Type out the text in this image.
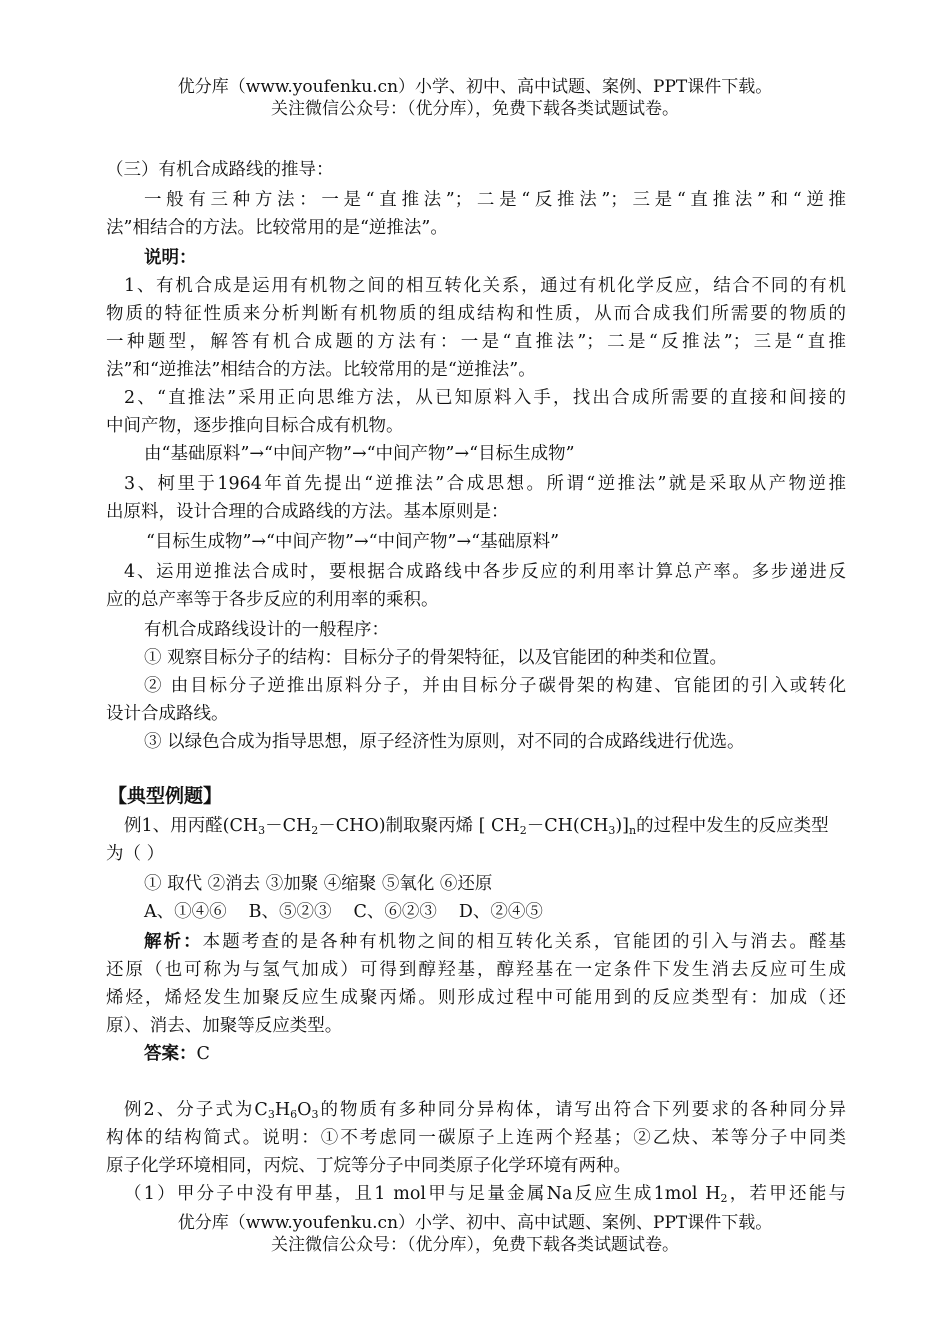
优分库（www.youfenku.cn）小学、初中、高中试题、案例、PPT课件下载。
关注微信公众号：（优分库），免费下载各类试题试卷。
（三）有机合成路线的推导：
一般有三种方法：一是“直推法”；二是“反推法”；三是“直推法”和“逆推
法”相结合的方法。比较常用的是“逆推法”。
说明：
1、有机合成是运用有机物之间的相互转化关系，通过有机化学反应，结合不同的有机
物质的特征性质来分析判断有机物质的组成结构和性质，从而合成我们所需要的物质的
一种题型，解答有机合成题的方法有：一是“直推法”；二是“反推法”；三是“直推
法”和“逆推法”相结合的方法。比较常用的是“逆推法”。
2、“直推法”采用正向思维方法，从已知原料入手，找出合成所需要的直接和间接的
中间产物，逐步推向目标合成有机物。
由“基础原料”→“中间产物”→“中间产物”→“目标生成物”
3、柯里于1964年首先提出“逆推法”合成思想。所谓“逆推法”就是采取从产物逆推
出原料，设计合理的合成路线的方法。基本原则是：
“目标生成物”→“中间产物”→“中间产物”→“基础原料”
4、运用逆推法合成时，要根据合成路线中各步反应的利用率计算总产率。多步递进反
应的总产率等于各步反应的利用率的乘积。
有机合成路线设计的一般程序：
① 观察目标分子的结构：目标分子的骨架特征，以及官能团的种类和位置。
② 由目标分子逆推出原料分子，并由目标分子碳骨架的构建、官能团的引入或转化
设计合成路线。
③ 以绿色合成为指导思想，原子经济性为原则，对不同的合成路线进行优选。
【典型例题】
例1、用丙醛$(CH_3-CH_2-CHO)$制取聚丙烯 [ $CH_2-CH(CH_3)]_n$的过程中发生的反应类型
为（ ）
① 取代 ②消去 ③加聚 ④缩聚 ⑤氧化 ⑥还原
A、①④⑥ B、⑤②③ C、⑥②③ D、②④⑤
解析：本题考查的是各种有机物之间的相互转化关系，官能团的引入与消去。醛基
还原（也可称为与氢气加成）可得到醇羟基，醇羟基在一定条件下发生消去反应可生成
烯烃，烯烃发生加聚反应生成聚丙烯。则形成过程中可能用到的反应类型有：加成（还
原）、消去、加聚等反应类型。
答案：C
例2、分子式为$C_3H_6O_3$的物质有多种同分异构体，请写出符合下列要求的各种同分异
构体的结构简式。说明：①不考虑同一碳原子上连两个羟基；②乙炔、苯等分子中同类
原子化学环境相同，丙烷、丁烷等分子中同类原子化学环境有两种。
（1）甲分子中没有甲基，且1 mol甲与足量金属Na反应生成1mol $H_2$，若甲还能与
优分库（www.youfenku.cn）小学、初中、高中试题、案例、PPT课件下载。
关注微信公众号：（优分库），免费下载各类试题试卷。
